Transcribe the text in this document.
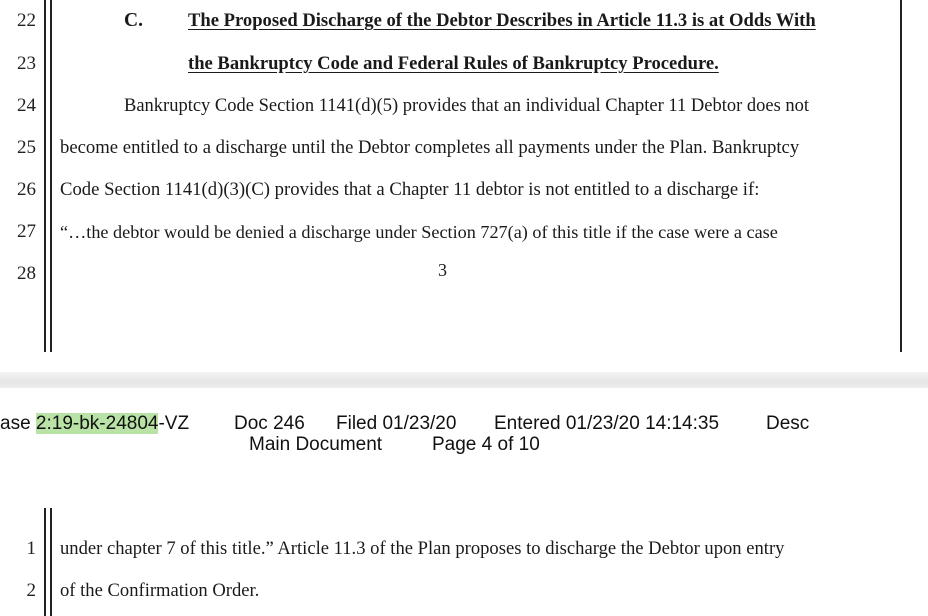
22
23
24
25
26
27
28
C. The Proposed Discharge of the Debtor Describes in Article 11.3 is at Odds With
the Bankruptcy Code and Federal Rules of Bankruptcy Procedure.
Bankruptcy Code Section 1141(d)(5) provides that an individual Chapter 11 Debtor does not
become entitled to a discharge until the Debtor completes all payments under the Plan. Bankruptcy
Code Section 1141(d)(3)(C) provides that a Chapter 11 debtor is not entitled to a discharge if:
“…the debtor would be denied a discharge under Section 727(a) of this title if the case were a case
3
ase 2:19-bk-24804-VZ Doc 246 Filed 01/23/20 Entered 01/23/20 14:14:35 Desc
Main Document	Page 4 of 10
1
2
under chapter 7 of this title.” Article 11.3 of the Plan proposes to discharge the Debtor upon entry
of the Confirmation Order.
